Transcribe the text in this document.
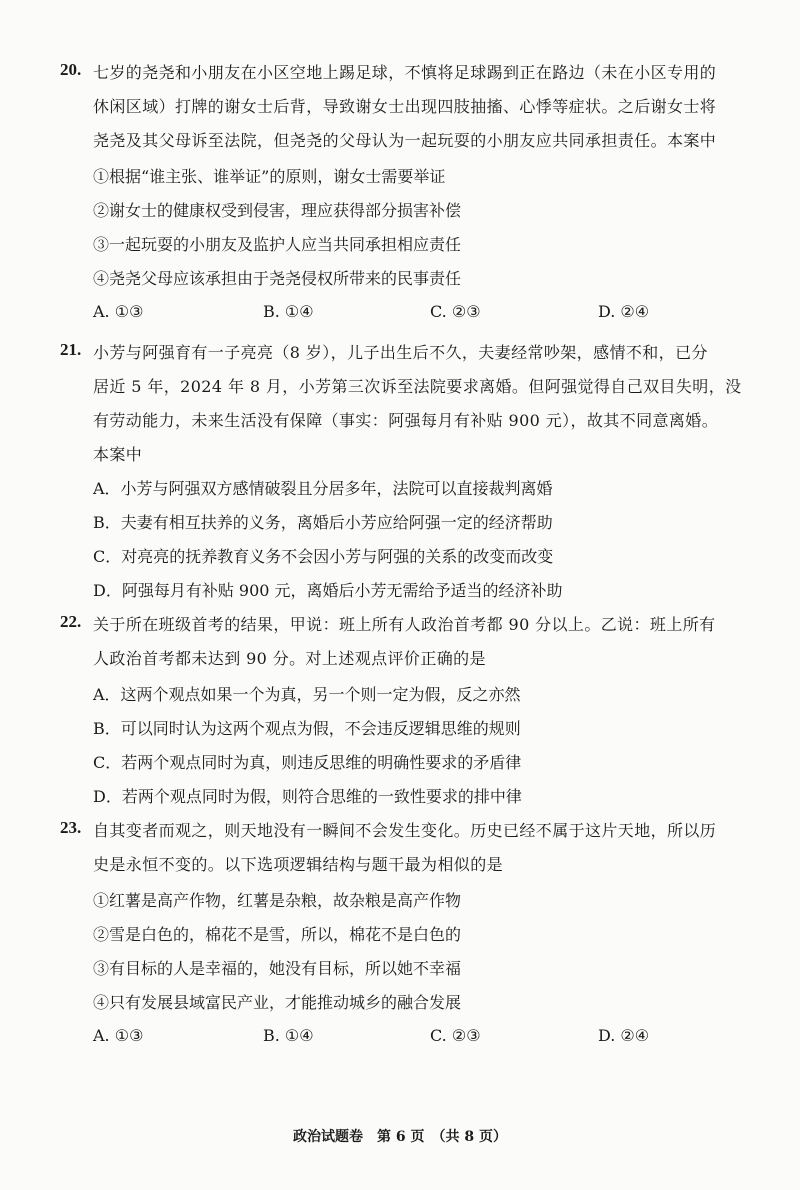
20. 七岁的尧尧和小朋友在小区空地上踢足球，不慎将足球踢到正在路边（未在小区专用的
休闲区域）打牌的谢女士后背，导致谢女士出现四肢抽搐、心悸等症状。之后谢女士将
尧尧及其父母诉至法院，但尧尧的父母认为一起玩耍的小朋友应共同承担责任。本案中
①根据“谁主张、谁举证”的原则，谢女士需要举证
②谢女士的健康权受到侵害，理应获得部分损害补偿
③一起玩耍的小朋友及监护人应当共同承担相应责任
④尧尧父母应该承担由于尧尧侵权所带来的民事责任
A. ①③	B. ①④	C. ②③	D. ②④
21. 小芳与阿强育有一子亮亮（8 岁），儿子出生后不久，夫妻经常吵架，感情不和，已分
居近 5 年，2024 年 8 月，小芳第三次诉至法院要求离婚。但阿强觉得自己双目失明，没
有劳动能力，未来生活没有保障（事实：阿强每月有补贴 900 元），故其不同意离婚。
本案中
A．小芳与阿强双方感情破裂且分居多年，法院可以直接裁判离婚
B．夫妻有相互扶养的义务，离婚后小芳应给阿强一定的经济帮助
C．对亮亮的抚养教育义务不会因小芳与阿强的关系的改变而改变
D．阿强每月有补贴 900 元，离婚后小芳无需给予适当的经济补助
22. 关于所在班级首考的结果，甲说：班上所有人政治首考都 90 分以上。乙说：班上所有
人政治首考都未达到 90 分。对上述观点评价正确的是
A．这两个观点如果一个为真，另一个则一定为假，反之亦然
B．可以同时认为这两个观点为假，不会违反逻辑思维的规则
C．若两个观点同时为真，则违反思维的明确性要求的矛盾律
D．若两个观点同时为假，则符合思维的一致性要求的排中律
23. 自其变者而观之，则天地没有一瞬间不会发生变化。历史已经不属于这片天地，所以历
史是永恒不变的。以下选项逻辑结构与题干最为相似的是
①红薯是高产作物，红薯是杂粮，故杂粮是高产作物
②雪是白色的，棉花不是雪，所以，棉花不是白色的
③有目标的人是幸福的，她没有目标，所以她不幸福
④只有发展县域富民产业，才能推动城乡的融合发展
A. ①③	B. ①④	C. ②③	D. ②④
政治试题卷　第 6 页　（共 8 页）
